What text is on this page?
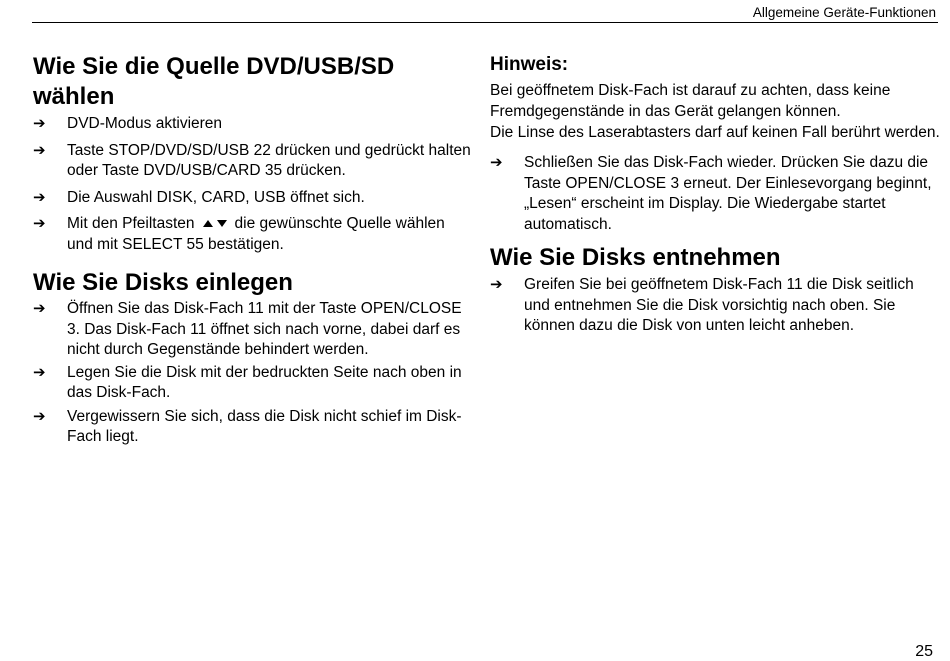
Allgemeine Geräte-Funktionen
Wie Sie die Quelle DVD/USB/SD wählen
➔	DVD-Modus aktivieren
➔	Taste STOP/DVD/SD/USB 22 drücken und gedrückt halten oder Taste DVD/USB/CARD 35 drücken.
➔	Die Auswahl DISK, CARD, USB öffnet sich.
➔	Mit den Pfeiltasten	die gewünschte Quelle wählen und mit SELECT 55 bestätigen.
Wie Sie Disks einlegen
➔	Öffnen Sie das Disk-Fach 11 mit der Taste OPEN/CLOSE 3. Das Disk-Fach 11 öffnet sich nach vorne, dabei darf es nicht durch Gegenstände behindert werden.
➔	Legen Sie die Disk mit der bedruckten Seite nach oben in das Disk-Fach.
➔	Vergewissern Sie sich, dass die Disk nicht schief im Disk-Fach liegt.
Hinweis:

Bei geöffnetem Disk-Fach ist darauf zu achten, dass keine Fremdgegenstände in das Gerät gelangen können.

Die Linse des Laserabtasters darf auf keinen Fall berührt werden.

➔	Schließen Sie das Disk-Fach wieder. Drücken Sie dazu die Taste OPEN/CLOSE 3 erneut. Der Einlesevorgang beginnt, „Lesen“ erscheint im Display. Die Wiedergabe startet automatisch.
Wie Sie Disks entnehmen
➔	Greifen Sie bei geöffnetem Disk-Fach 11 die Disk seitlich und entnehmen Sie die Disk vorsichtig nach oben. Sie können dazu die Disk von unten leicht anheben.
25
